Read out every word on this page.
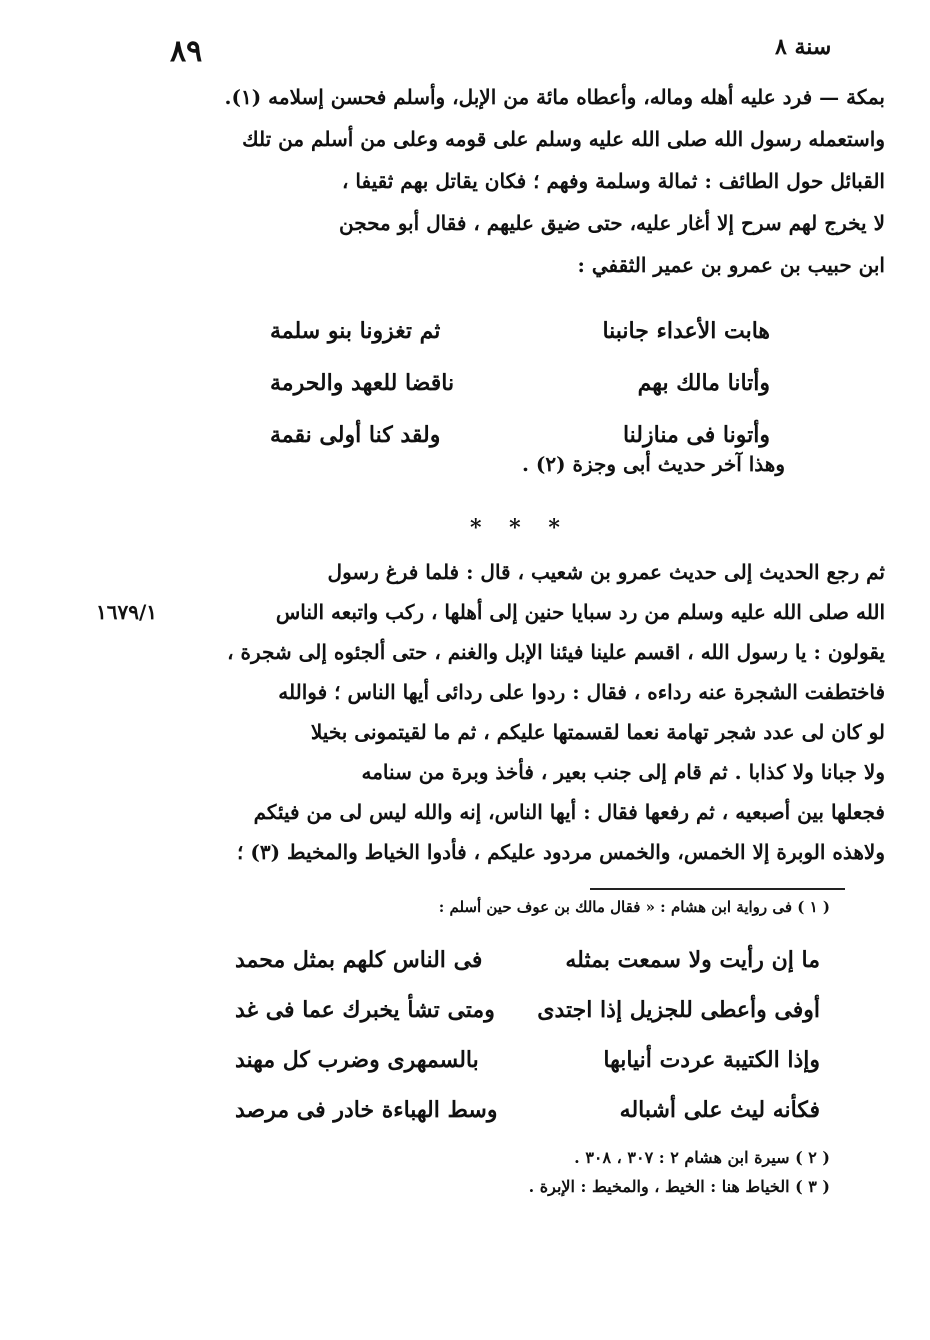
٨٩	سنة ٨
بمكة — فرد عليه أهله وماله، وأعطاه مائة من الإبل، وأسلم فحسن إسلامه (١).
واستعمله رسول الله صلى الله عليه وسلم على قومه وعلى من أسلم من تلك
القبائل حول الطائف : ثمالة وسلمة وفهم ؛ فكان يقاتل بهم ثقيفا ،
لا يخرج لهم سرح إلا أغار عليه، حتى ضيق عليهم ، فقال أبو محجن
ابن حبيب بن عمرو بن عمير الثقفي :
هابت الأعداء جانبنا
ثم تغزونا بنو سلمة
وأتانا مالك بهم
ناقضا للعهد والحرمة
وأتونا فى منازلنا
ولقد كنا أولى نقمة
وهذا آخر حديث أبى وجزة (٢) .
* * *
ثم رجع الحديث إلى حديث عمرو بن شعيب ، قال : فلما فرغ رسول
الله صلى الله عليه وسلم من رد سبايا حنين إلى أهلها ، ركب واتبعه الناس
يقولون : يا رسول الله ، اقسم علينا فيئنا الإبل والغنم ، حتى ألجئوه إلى شجرة ،
فاختطفت الشجرة عنه رداءه ، فقال : ردوا على ردائى أيها الناس ؛ فوالله
لو كان لى عدد شجر تهامة نعما لقسمتها عليكم ، ثم ما لقيتمونى بخيلا
ولا جبانا ولا كذابا . ثم قام إلى جنب بعير ، فأخذ وبرة من سنامه
فجعلها بين أصبعيه ، ثم رفعها فقال : أيها الناس، إنه والله ليس لى من فيئكم
ولاهذه الوبرة إلا الخمس، والخمس مردود عليكم ، فأدوا الخياط والمخيط (٣) ؛
١٦٧٩/١
( ١ ) فى رواية ابن هشام : « فقال مالك بن عوف حين أسلم :
ما إن رأيت ولا سمعت بمثله
فى الناس كلهم بمثل محمد
أوفى وأعطى للجزيل إذا اجتدى
ومتى تشأ يخبرك عما فى غد
وإذا الكتيبة عردت أنيابها
بالسمهرى وضرب كل مهند
فكأنه ليث على أشباله
وسط الهباءة خادر فى مرصد
( ٢ ) سيرة ابن هشام ٢ : ٣٠٧ ، ٣٠٨ .
( ٣ ) الخياط هنا : الخيط ، والمخيط : الإبرة .
